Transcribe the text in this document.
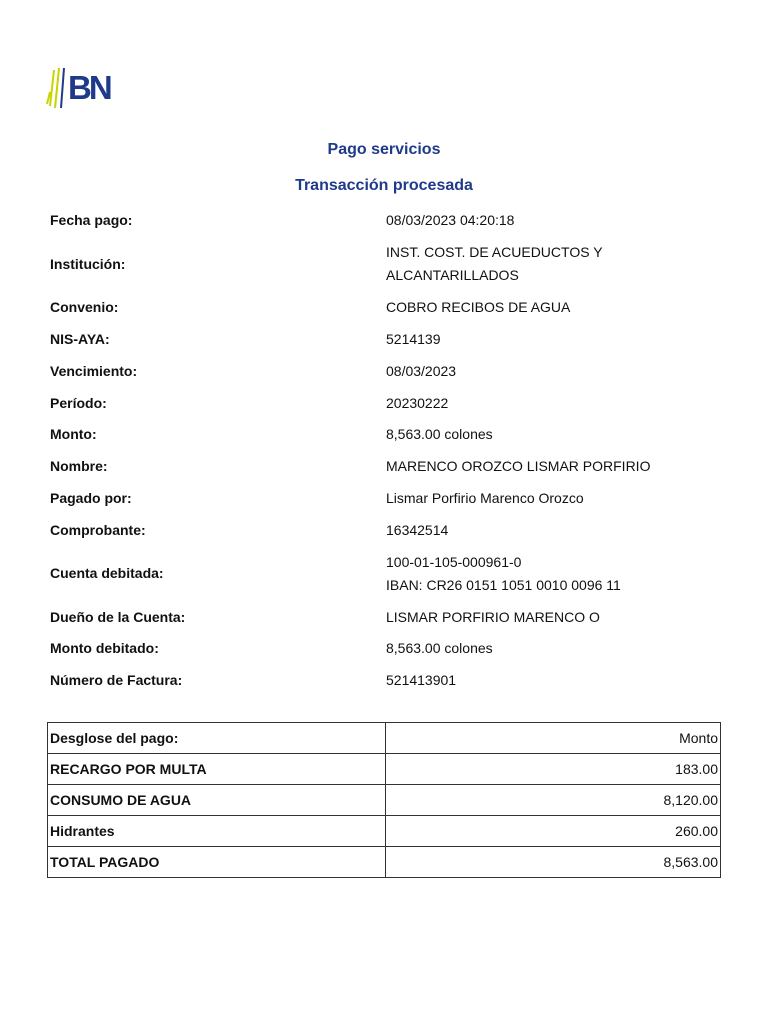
BN
Pago servicios
Transacción procesada
Fecha pago:	08/03/2023 04:20:18
Institución:
INST. COST. DE ACUEDUCTOS Y
ALCANTARILLADOS
Convenio:	COBRO RECIBOS DE AGUA
NIS-AYA:	5214139
Vencimiento:	08/03/2023
Período:	20230222
Monto:	8,563.00 colones
Nombre:	MARENCO OROZCO LISMAR PORFIRIO
Pagado por:	Lismar Porfirio Marenco Orozco
Comprobante:	16342514
Cuenta debitada:
100-01-105-000961-0
IBAN: CR26 0151 1051 0010 0096 11
Dueño de la Cuenta:	LISMAR PORFIRIO MARENCO O
Monto debitado:	8,563.00 colones
Número de Factura:	521413901
Desglose del pago:	Monto
RECARGO POR MULTA	183.00
CONSUMO DE AGUA	8,120.00
Hidrantes	260.00
TOTAL PAGADO	8,563.00
